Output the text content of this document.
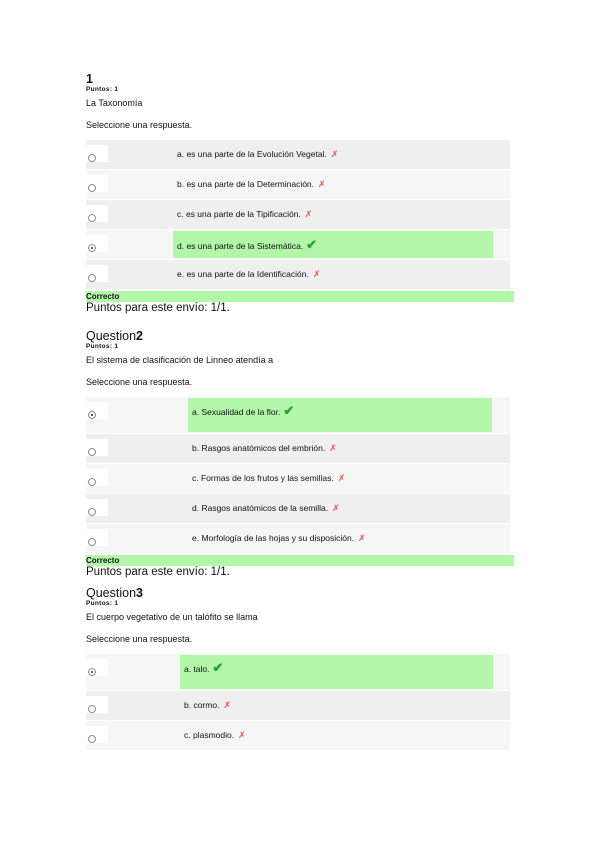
1
Puntos: 1
La Taxonomía
Seleccione una respuesta.
a. es una parte de la Evolución Vegetal. ✗
b. es una parte de la Determinación. ✗
c. es una parte de la Tipificación. ✗
d. es una parte de la Sistemática. ✔
e. es una parte de la Identificación. ✗
Correcto
Puntos para este envío: 1/1.
Question2
Puntos: 1
El sistema de clasificación de Linneo atendía a
Seleccione una respuesta.
a. Sexualidad de la flor. ✔
b. Rasgos anatómicos del embrión. ✗
c. Formas de los frutos y las semillas. ✗
d. Rasgos anatómicos de la semilla. ✗
e. Morfología de las hojas y su disposición. ✗
Correcto
Puntos para este envío: 1/1.
Question3
Puntos: 1
El cuerpo vegetativo de un talófito se llama
Seleccione una respuesta.
a. talo. ✔
b. cormo. ✗
c. plasmodio. ✗
